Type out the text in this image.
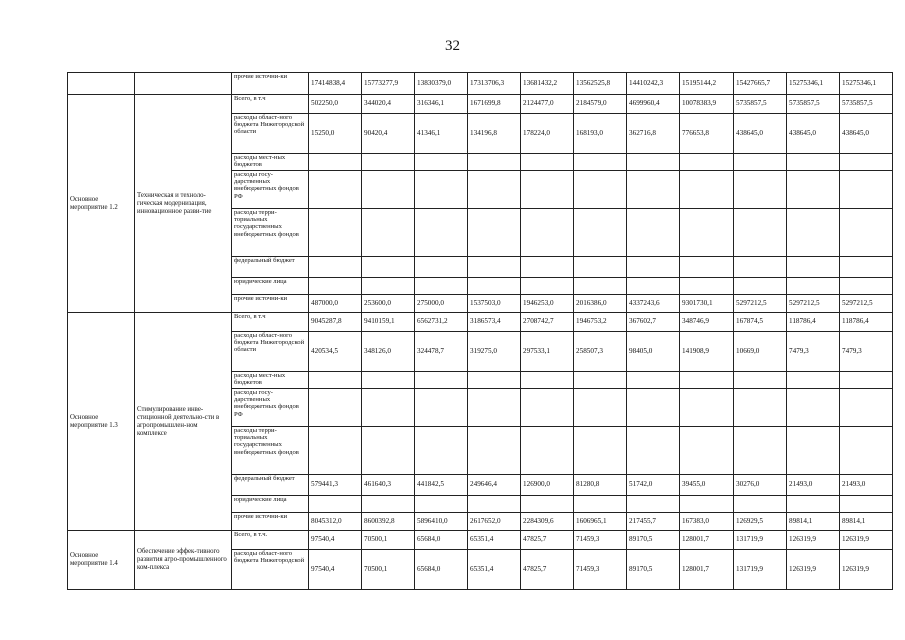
32
		прочие источни-ки	17414838,4	15773277,9	13830379,0	17313706,3	13681432,2	13562525,8	14410242,3	15195144,2	15427665,7	15275346,1	15275346,1
Основное мероприятие 1.2	Техническая и техноло-гическая модернизация, инновационное разви-тие	Всего, в т.ч	502250,0	344020,4	316346,1	1671699,8	2124477,0	2184579,0	4699960,4	10078383,9	5735857,5	5735857,5	5735857,5
		расходы област-ного бюджета Нижегородской области	15250,0	90420,4	41346,1	134196,8	178224,0	168193,0	362716,8	776653,8	438645,0	438645,0	438645,0
		расходы мест-ных бюджетов											
		расходы госу-дарственных внебюджетных фондов РФ											
		расходы терри-ториальных государственных внебюджетных фондов											
		федеральный бюджет											
		юридические лица											
		прочие источни-ки	487000,0	253600,0	275000,0	1537503,0	1946253,0	2016386,0	4337243,6	9301730,1	5297212,5	5297212,5	5297212,5
Основное мероприятие 1.3	Стимулирование инве-стиционной деятельно-сти в агропромышлен-ном комплексе	Всего, в т.ч	9045287,8	9410159,1	6562731,2	3186573,4	2708742,7	1946753,2	367602,7	348746,9	167874,5	118786,4	118786,4
		расходы област-ного бюджета Нижегородской области	420534,5	348126,0	324478,7	319275,0	297533,1	258507,3	98405,0	141908,9	10669,0	7479,3	7479,3
		расходы мест-ных бюджетов											
		расходы госу-дарственных внебюджетных фондов РФ											
		расходы терри-ториальных государственных внебюджетных фондов											
		федеральный бюджет	579441,3	461640,3	441842,5	249646,4	126900,0	81280,8	51742,0	39455,0	30276,0	21493,0	21493,0
		юридические лица											
		прочие источни-ки	8045312,0	8600392,8	5896410,0	2617652,0	2284309,6	1606965,1	217455,7	167383,0	126929,5	89814,1	89814,1
Основное мероприятие 1.4	Обеспечение эффек-тивного развития агро-промышленного ком-плекса	Всего, в т.ч.	97540,4	70500,1	65684,0	65351,4	47825,7	71459,3	89170,5	128001,7	131719,9	126319,9	126319,9
		расходы област-ного бюджета Нижегородской	97540,4	70500,1	65684,0	65351,4	47825,7	71459,3	89170,5	128001,7	131719,9	126319,9	126319,9
